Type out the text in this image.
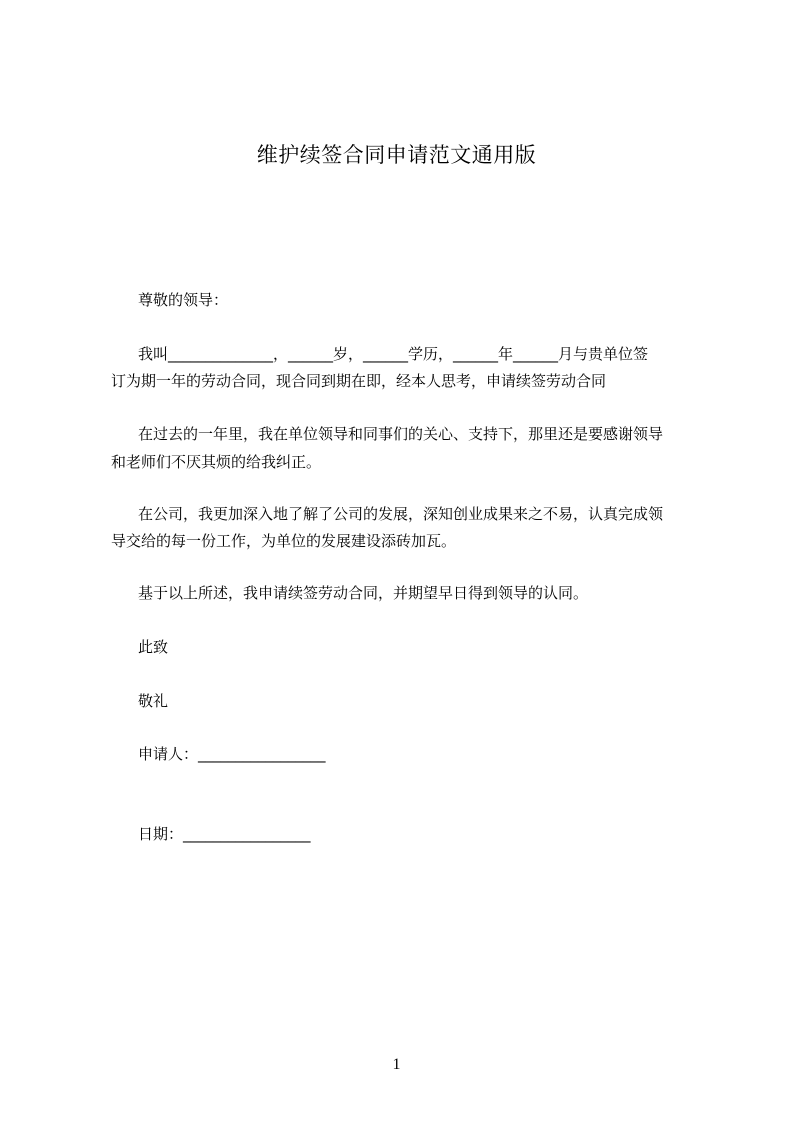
维护续签合同申请范文通用版
尊敬的领导：
我叫______________，______岁，______学历，______年______月与贵单位签
订为期一年的劳动合同，现合同到期在即，经本人思考，申请续签劳动合同
在过去的一年里，我在单位领导和同事们的关心、支持下，那里还是要感谢领导
和老师们不厌其烦的给我纠正。
在公司，我更加深入地了解了公司的发展，深知创业成果来之不易，认真完成领
导交给的每一份工作，为单位的发展建设添砖加瓦。
基于以上所述，我申请续签劳动合同，并期望早日得到领导的认同。
此致
敬礼
申请人：_________________
日期：_________________
1
